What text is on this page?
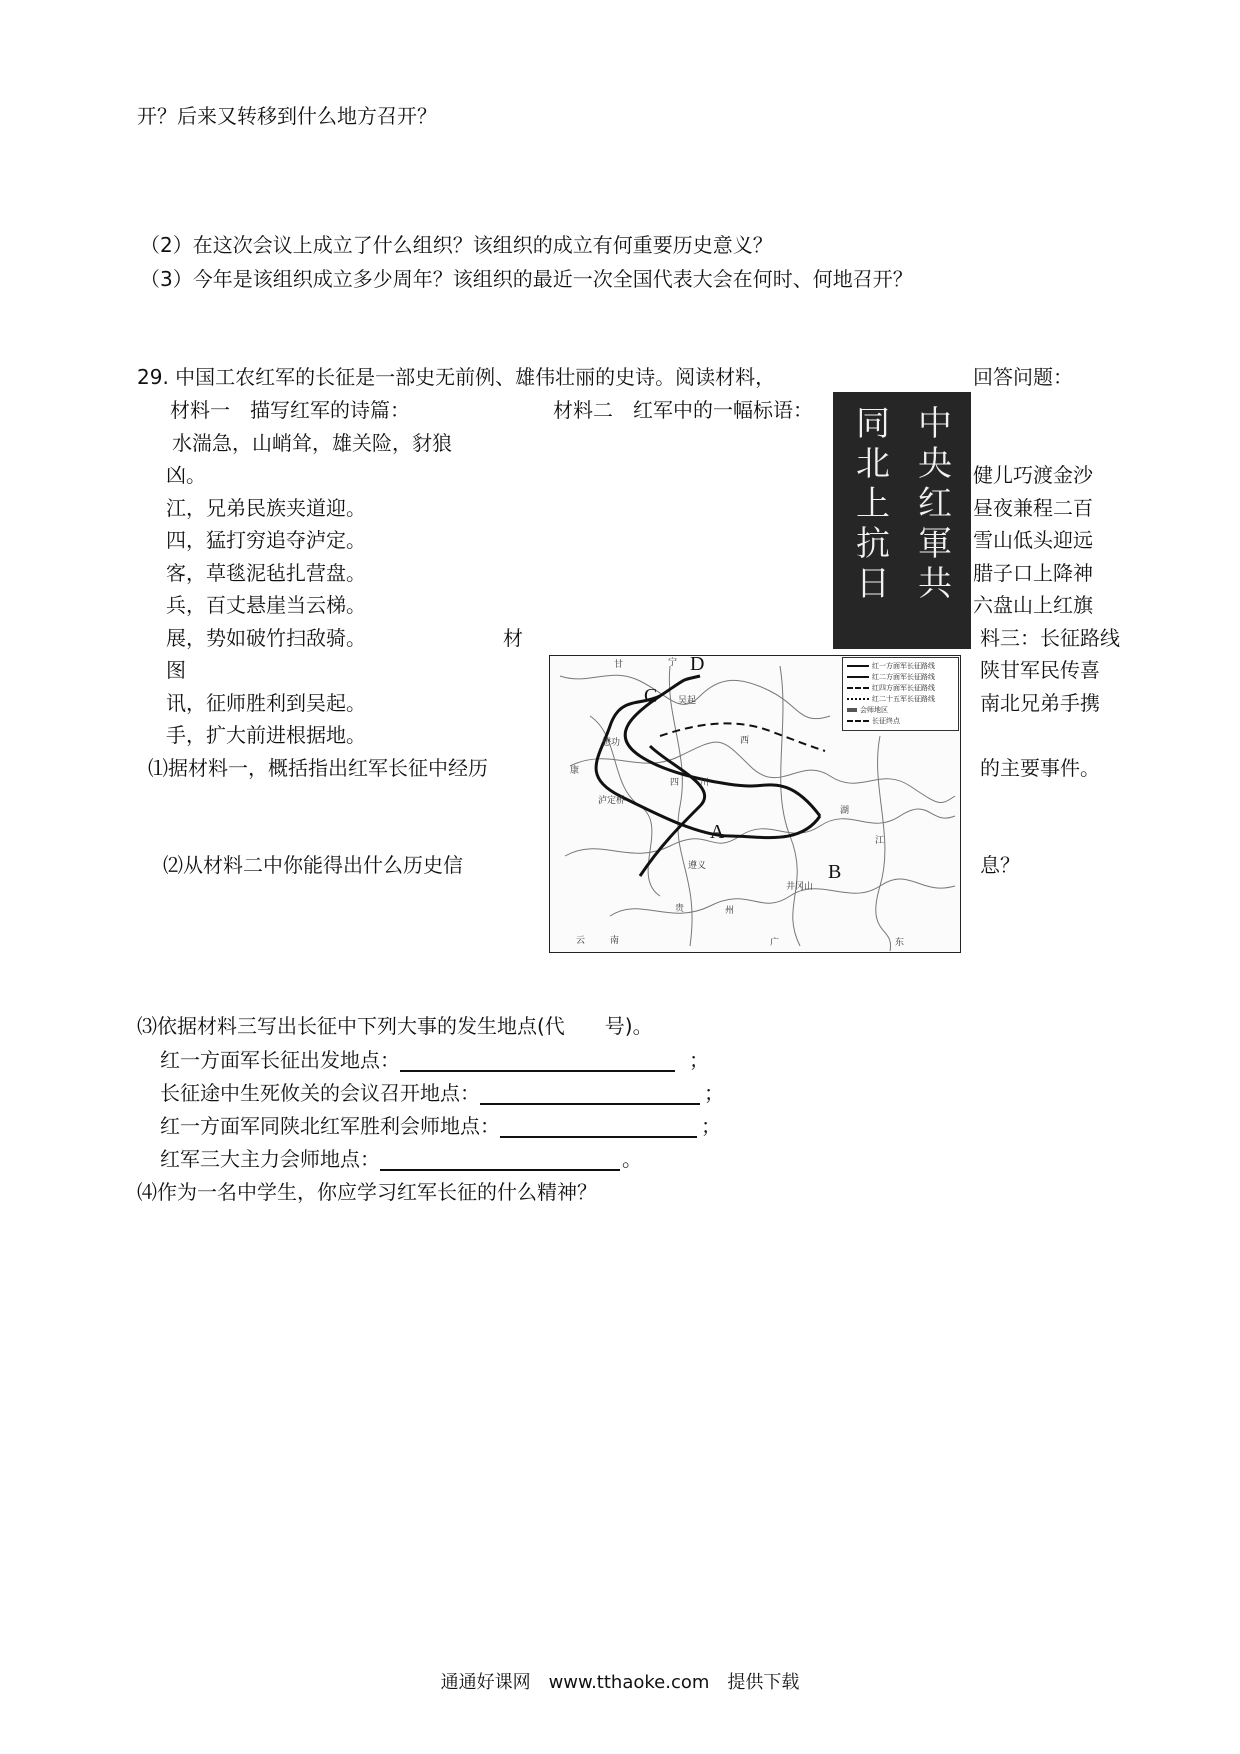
开？后来又转移到什么地方召开？
（2）在这次会议上成立了什么组织？该组织的成立有何重要历史意义？
（3）今年是该组织成立多少周年？该组织的最近一次全国代表大会在何时、何地召开？
29. 中国工农红军的长征是一部史无前例、雄伟壮丽的史诗。阅读材料，	回答问题：
材料一　描写红军的诗篇：	材料二　红军中的一幅标语：
水湍急，山峭耸，雄关险，豺狼
凶。
江，兄弟民族夹道迎。
四，猛打穷追夺泸定。
客，草毯泥毡扎营盘。
兵，百丈悬崖当云梯。
展，势如破竹扫敌骑。
健儿巧渡金沙
昼夜兼程二百
雪山低头迎远
腊子口上降神
六盘山上红旗
材	料三：长征路线
图
讯，征师胜利到吴起。
手，扩大前进根据地。
陕甘军民传喜
南北兄弟手携
⑴据材料一，概括指出红军长征中经历	的主要事件。
⑵从材料二中你能得出什么历史信	息？
⑶依据材料三写出长征中下列大事的发生地点(代　　号)。
红一方面军长征出发地点：	；
长征途中生死攸关的会议召开地点：	；
红一方面军同陕北红军胜利会师地点：	；
红军三大主力会师地点：	。
⑷作为一名中学生，你应学习红军长征的什么精神？
中
央
红
軍
共
同
北
上
抗
日
红一方面军长征路线
红二方面军长征路线
红四方面军长征路线
红二十五军长征路线
会师地区
长征终点
A
B
C
D
甘	宁
西
四 川
贵	州
云	南	广
湖
江
东
康
懋功
泸定桥
遵义
吴起
井冈山
通通好课网　www.tthaoke.com　提供下载
